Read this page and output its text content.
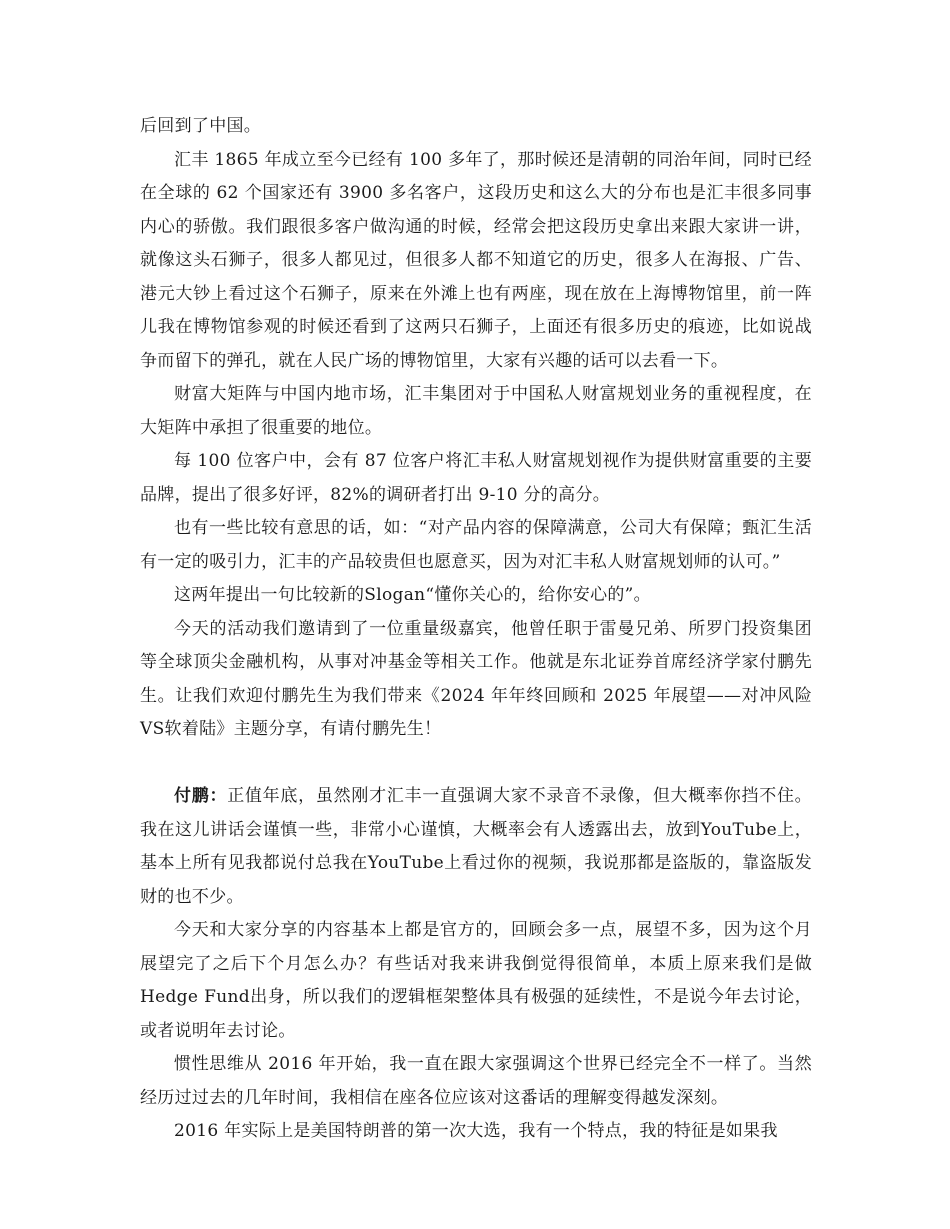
后回到了中国。

汇丰 1865 年成立至今已经有 100 多年了，那时候还是清朝的同治年间，同时已经在全球的 62 个国家还有 3900 多名客户，这段历史和这么大的分布也是汇丰很多同事内心的骄傲。我们跟很多客户做沟通的时候，经常会把这段历史拿出来跟大家讲一讲，就像这头石狮子，很多人都见过，但很多人都不知道它的历史，很多人在海报、广告、港元大钞上看过这个石狮子，原来在外滩上也有两座，现在放在上海博物馆里，前一阵儿我在博物馆参观的时候还看到了这两只石狮子，上面还有很多历史的痕迹，比如说战争而留下的弹孔，就在人民广场的博物馆里，大家有兴趣的话可以去看一下。

财富大矩阵与中国内地市场，汇丰集团对于中国私人财富规划业务的重视程度，在大矩阵中承担了很重要的地位。

每 100 位客户中，会有 87 位客户将汇丰私人财富规划视作为提供财富重要的主要品牌，提出了很多好评，82%的调研者打出 9-10 分的高分。

也有一些比较有意思的话，如：“对产品内容的保障满意，公司大有保障；甄汇生活有一定的吸引力，汇丰的产品较贵但也愿意买，因为对汇丰私人财富规划师的认可。”

这两年提出一句比较新的Slogan“懂你关心的，给你安心的”。

今天的活动我们邀请到了一位重量级嘉宾，他曾任职于雷曼兄弟、所罗门投资集团等全球顶尖金融机构，从事对冲基金等相关工作。他就是东北证券首席经济学家付鹏先生。让我们欢迎付鹏先生为我们带来《2024 年年终回顾和 2025 年展望——对冲风险VS软着陆》主题分享，有请付鹏先生！

付鹏：正值年底，虽然刚才汇丰一直强调大家不录音不录像，但大概率你挡不住。我在这儿讲话会谨慎一些，非常小心谨慎，大概率会有人透露出去，放到YouTube上，基本上所有见我都说付总我在YouTube上看过你的视频，我说那都是盗版的，靠盗版发财的也不少。

今天和大家分享的内容基本上都是官方的，回顾会多一点，展望不多，因为这个月展望完了之后下个月怎么办？有些话对我来讲我倒觉得很简单，本质上原来我们是做Hedge Fund出身，所以我们的逻辑框架整体具有极强的延续性，不是说今年去讨论，或者说明年去讨论。

惯性思维从 2016 年开始，我一直在跟大家强调这个世界已经完全不一样了。当然经历过过去的几年时间，我相信在座各位应该对这番话的理解变得越发深刻。

2016 年实际上是美国特朗普的第一次大选，我有一个特点，我的特征是如果我
